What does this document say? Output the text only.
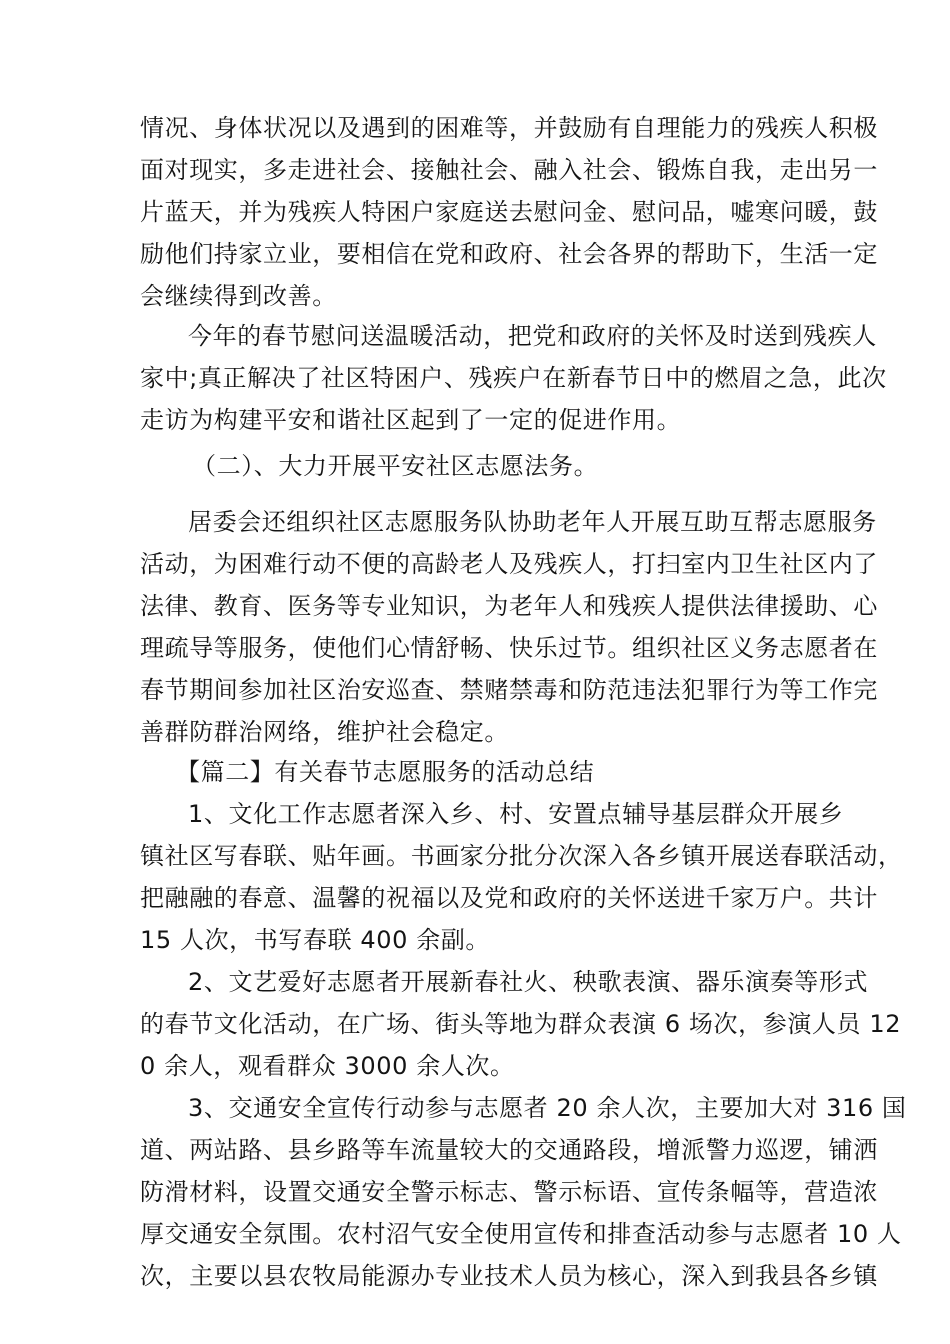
情况、身体状况以及遇到的困难等，并鼓励有自理能力的残疾人积极
面对现实，多走进社会、接触社会、融入社会、锻炼自我，走出另一
片蓝天，并为残疾人特困户家庭送去慰问金、慰问品，嘘寒问暖，鼓
励他们持家立业，要相信在党和政府、社会各界的帮助下，生活一定
会继续得到改善。
今年的春节慰问送温暖活动，把党和政府的关怀及时送到残疾人
家中;真正解决了社区特困户、残疾户在新春节日中的燃眉之急，此次
走访为构建平安和谐社区起到了一定的促进作用。
（二）、大力开展平安社区志愿法务。
居委会还组织社区志愿服务队协助老年人开展互助互帮志愿服务
活动，为困难行动不便的高龄老人及残疾人，打扫室内卫生社区内了
法律、教育、医务等专业知识，为老年人和残疾人提供法律援助、心
理疏导等服务，使他们心情舒畅、快乐过节。组织社区义务志愿者在
春节期间参加社区治安巡查、禁赌禁毒和防范违法犯罪行为等工作完
善群防群治网络，维护社会稳定。
【篇二】有关春节志愿服务的活动总结
1、文化工作志愿者深入乡、村、安置点辅导基层群众开展乡
镇社区写春联、贴年画。书画家分批分次深入各乡镇开展送春联活动，
把融融的春意、温馨的祝福以及党和政府的关怀送进千家万户。共计
15 人次，书写春联 400 余副。
2、文艺爱好志愿者开展新春社火、秧歌表演、器乐演奏等形式
的春节文化活动，在广场、街头等地为群众表演 6 场次，参演人员 12
0 余人，观看群众 3000 余人次。
3、交通安全宣传行动参与志愿者 20 余人次，主要加大对 316 国
道、两站路、县乡路等车流量较大的交通路段，增派警力巡逻，铺洒
防滑材料，设置交通安全警示标志、警示标语、宣传条幅等，营造浓
厚交通安全氛围。农村沼气安全使用宣传和排查活动参与志愿者 10 人
次，主要以县农牧局能源办专业技术人员为核心，深入到我县各乡镇
